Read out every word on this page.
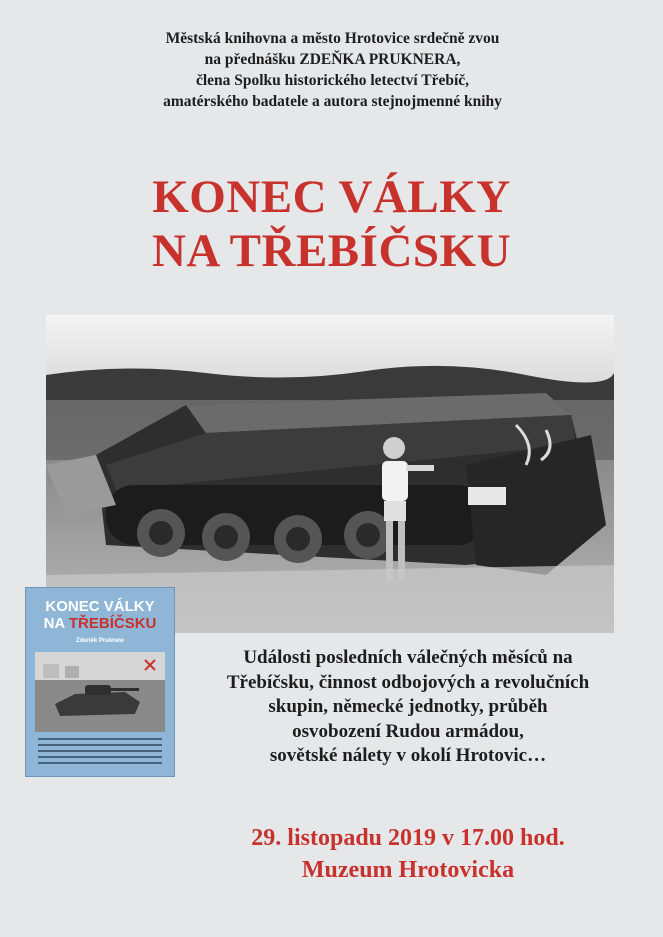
Městská knihovna a město Hrotovice srdečně zvou
na přednášku ZDEŇKA PRUKNERA,
člena Spolku historického letectví Třebíč,
amatérského badatele a autora stejnojmenné knihy
KONEC VÁLKY
NA TŘEBÍČSKU
KONEC VÁLKY
NA TŘEBÍČSKU
Zdeněk Pruknew
Události posledních válečných měsíců na
Třebíčsku, činnost odbojových a revolučních
skupin, německé jednotky, průběh
osvobození Rudou armádou,
sovětské nálety v okolí Hrotovic…
29. listopadu 2019 v 17.00 hod.
Muzeum Hrotovicka
